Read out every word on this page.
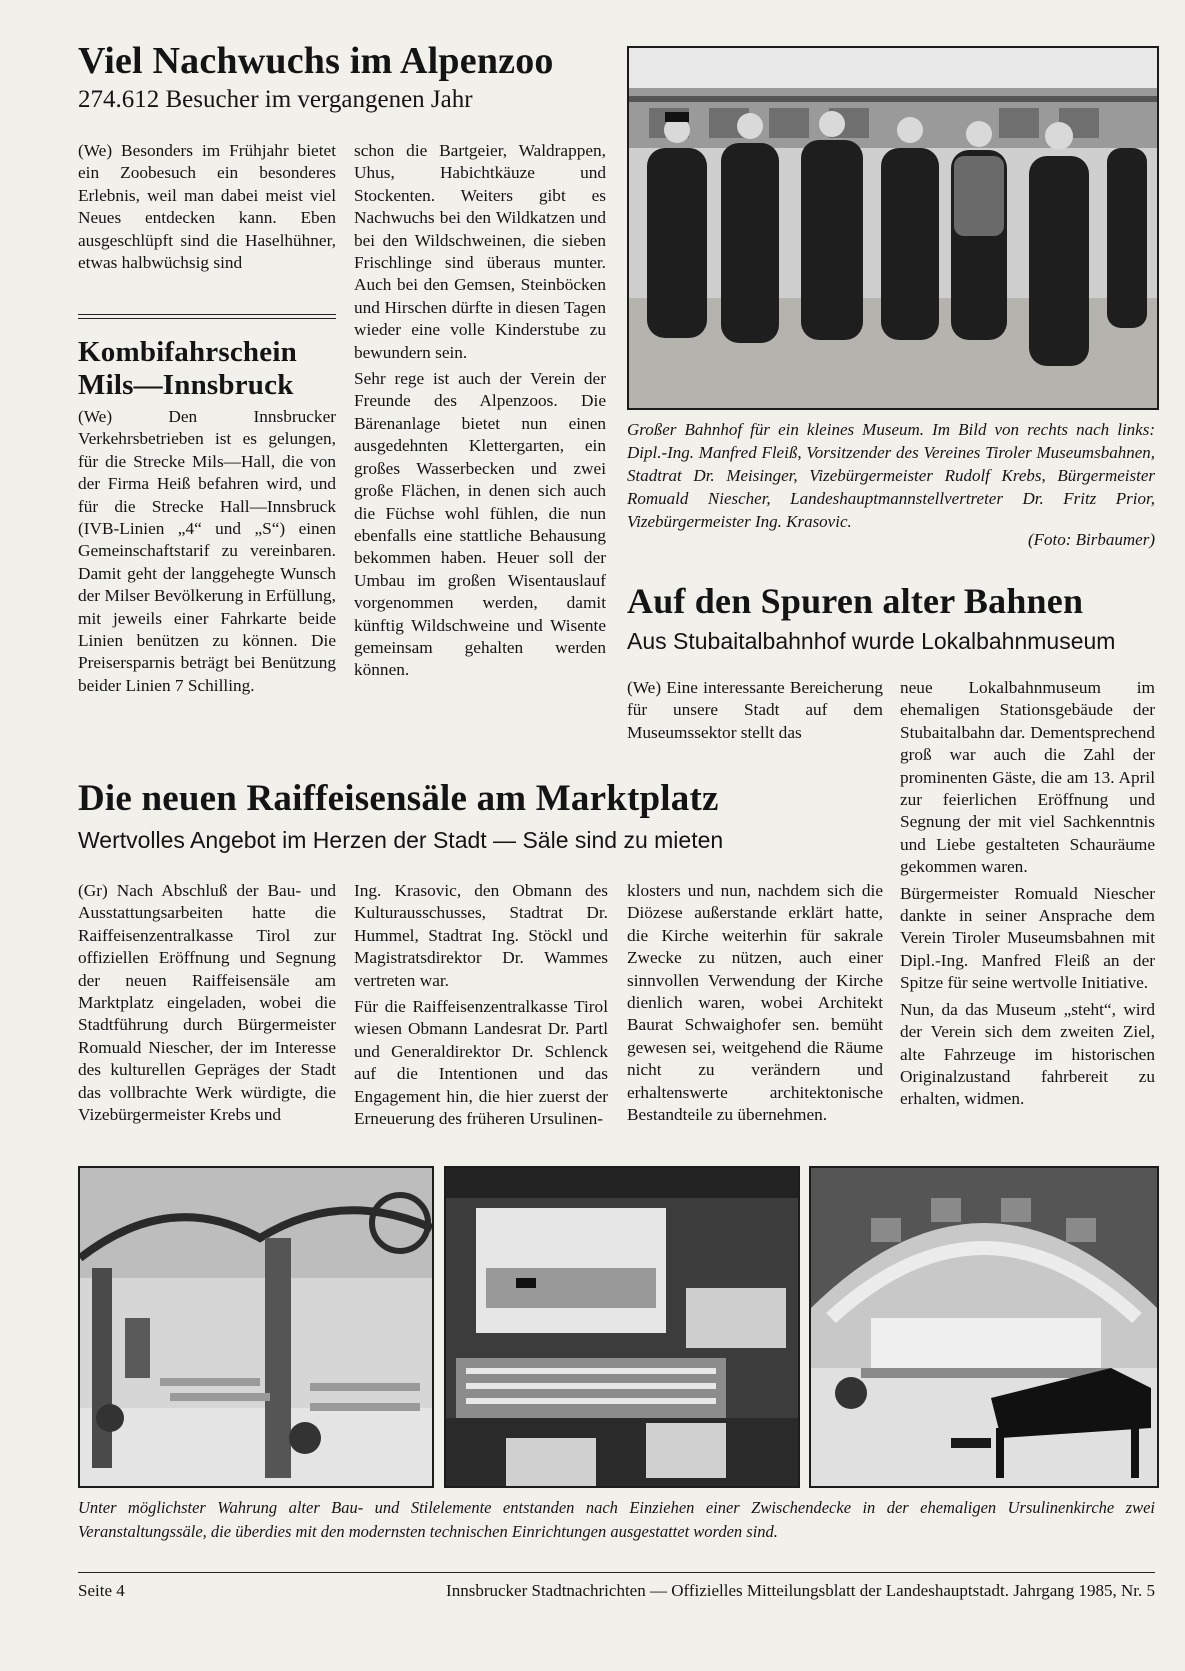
Viel Nachwuchs im Alpenzoo

274.612 Besucher im vergangenen Jahr

(We) Besonders im Frühjahr bietet ein Zoobesuch ein besonderes Erlebnis, weil man dabei meist viel Neues entdecken kann. Eben ausgeschlüpft sind die Haselhühner, etwas halbwüchsig sind

Kombifahrschein
Mils—Innsbruck

(We) Den Innsbrucker Verkehrsbetrieben ist es gelungen, für die Strecke Mils—Hall, die von der Firma Heiß befahren wird, und für die Strecke Hall—Innsbruck (IVB-Linien „4“ und „S“) einen Gemeinschaftstarif zu vereinbaren. Damit geht der langgehegte Wunsch der Milser Bevölkerung in Erfüllung, mit jeweils einer Fahrkarte beide Linien benützen zu können. Die Preisersparnis beträgt bei Benützung beider Linien 7 Schilling.

schon die Bartgeier, Waldrappen, Uhus, Habichtkäuze und Stockenten. Weiters gibt es Nachwuchs bei den Wildkatzen und bei den Wildschweinen, die sieben Frischlinge sind überaus munter. Auch bei den Gemsen, Steinböcken und Hirschen dürfte in diesen Tagen wieder eine volle Kinderstube zu bewundern sein.

Sehr rege ist auch der Verein der Freunde des Alpenzoos. Die Bärenanlage bietet nun einen ausgedehnten Klettergarten, ein großes Wasserbecken und zwei große Flächen, in denen sich auch die Füchse wohl fühlen, die nun ebenfalls eine stattliche Behausung bekommen haben. Heuer soll der Umbau im großen Wisentauslauf vorgenommen werden, damit künftig Wildschweine und Wisente gemeinsam gehalten werden können.

Großer Bahnhof für ein kleines Museum. Im Bild von rechts nach links: Dipl.-Ing. Manfred Fleiß, Vorsitzender des Vereines Tiroler Museumsbahnen, Stadtrat Dr. Meisinger, Vizebürgermeister Rudolf Krebs, Bürgermeister Romuald Niescher, Landeshauptmannstellvertreter Dr. Fritz Prior, Vizebürgermeister Ing. Krasovic.
(Foto: Birbaumer)
Auf den Spuren alter Bahnen

Aus Stubaitalbahnhof wurde Lokalbahnmuseum

(We) Eine interessante Bereicherung für unsere Stadt auf dem Museumssektor stellt das

neue Lokalbahnmuseum im ehemaligen Stationsgebäude der Stubaitalbahn dar. Dementsprechend groß war auch die Zahl der prominenten Gäste, die am 13. April zur feierlichen Eröffnung und Segnung der mit viel Sachkenntnis und Liebe gestalteten Schauräume gekommen waren.

Bürgermeister Romuald Niescher dankte in seiner Ansprache dem Verein Tiroler Museumsbahnen mit Dipl.-Ing. Manfred Fleiß an der Spitze für seine wertvolle Initiative.

Nun, da das Museum „steht“, wird der Verein sich dem zweiten Ziel, alte Fahrzeuge im historischen Originalzustand fahrbereit zu erhalten, widmen.

Die neuen Raiffeisensäle am Marktplatz

Wertvolles Angebot im Herzen der Stadt — Säle sind zu mieten

(Gr) Nach Abschluß der Bau- und Ausstattungsarbeiten hatte die Raiffeisenzentralkasse Tirol zur offiziellen Eröffnung und Segnung der neuen Raiffeisensäle am Marktplatz eingeladen, wobei die Stadtführung durch Bürgermeister Romuald Niescher, der im Interesse des kulturellen Gepräges der Stadt das vollbrachte Werk würdigte, die Vizebürgermeister Krebs und

Ing. Krasovic, den Obmann des Kulturausschusses, Stadtrat Dr. Hummel, Stadtrat Ing. Stöckl und Magistratsdirektor Dr. Wammes vertreten war.

Für die Raiffeisenzentralkasse Tirol wiesen Obmann Landesrat Dr. Partl und Generaldirektor Dr. Schlenck auf die Intentionen und das Engagement hin, die hier zuerst der Erneuerung des früheren Ursulinen-

klosters und nun, nachdem sich die Diözese außerstande erklärt hatte, die Kirche weiterhin für sakrale Zwecke zu nützen, auch einer sinnvollen Verwendung der Kirche dienlich waren, wobei Architekt Baurat Schwaighofer sen. bemüht gewesen sei, weitgehend die Räume nicht zu verändern und erhaltenswerte architektonische Bestandteile zu übernehmen.

Unter möglichster Wahrung alter Bau- und Stilelemente entstanden nach Einziehen einer Zwischendecke in der ehemaligen Ursulinenkirche zwei Veranstaltungssäle, die überdies mit den modernsten technischen Einrichtungen ausgestattet worden sind.
Seite 4	Innsbrucker Stadtnachrichten — Offizielles Mitteilungsblatt der Landeshauptstadt. Jahrgang 1985, Nr. 5
